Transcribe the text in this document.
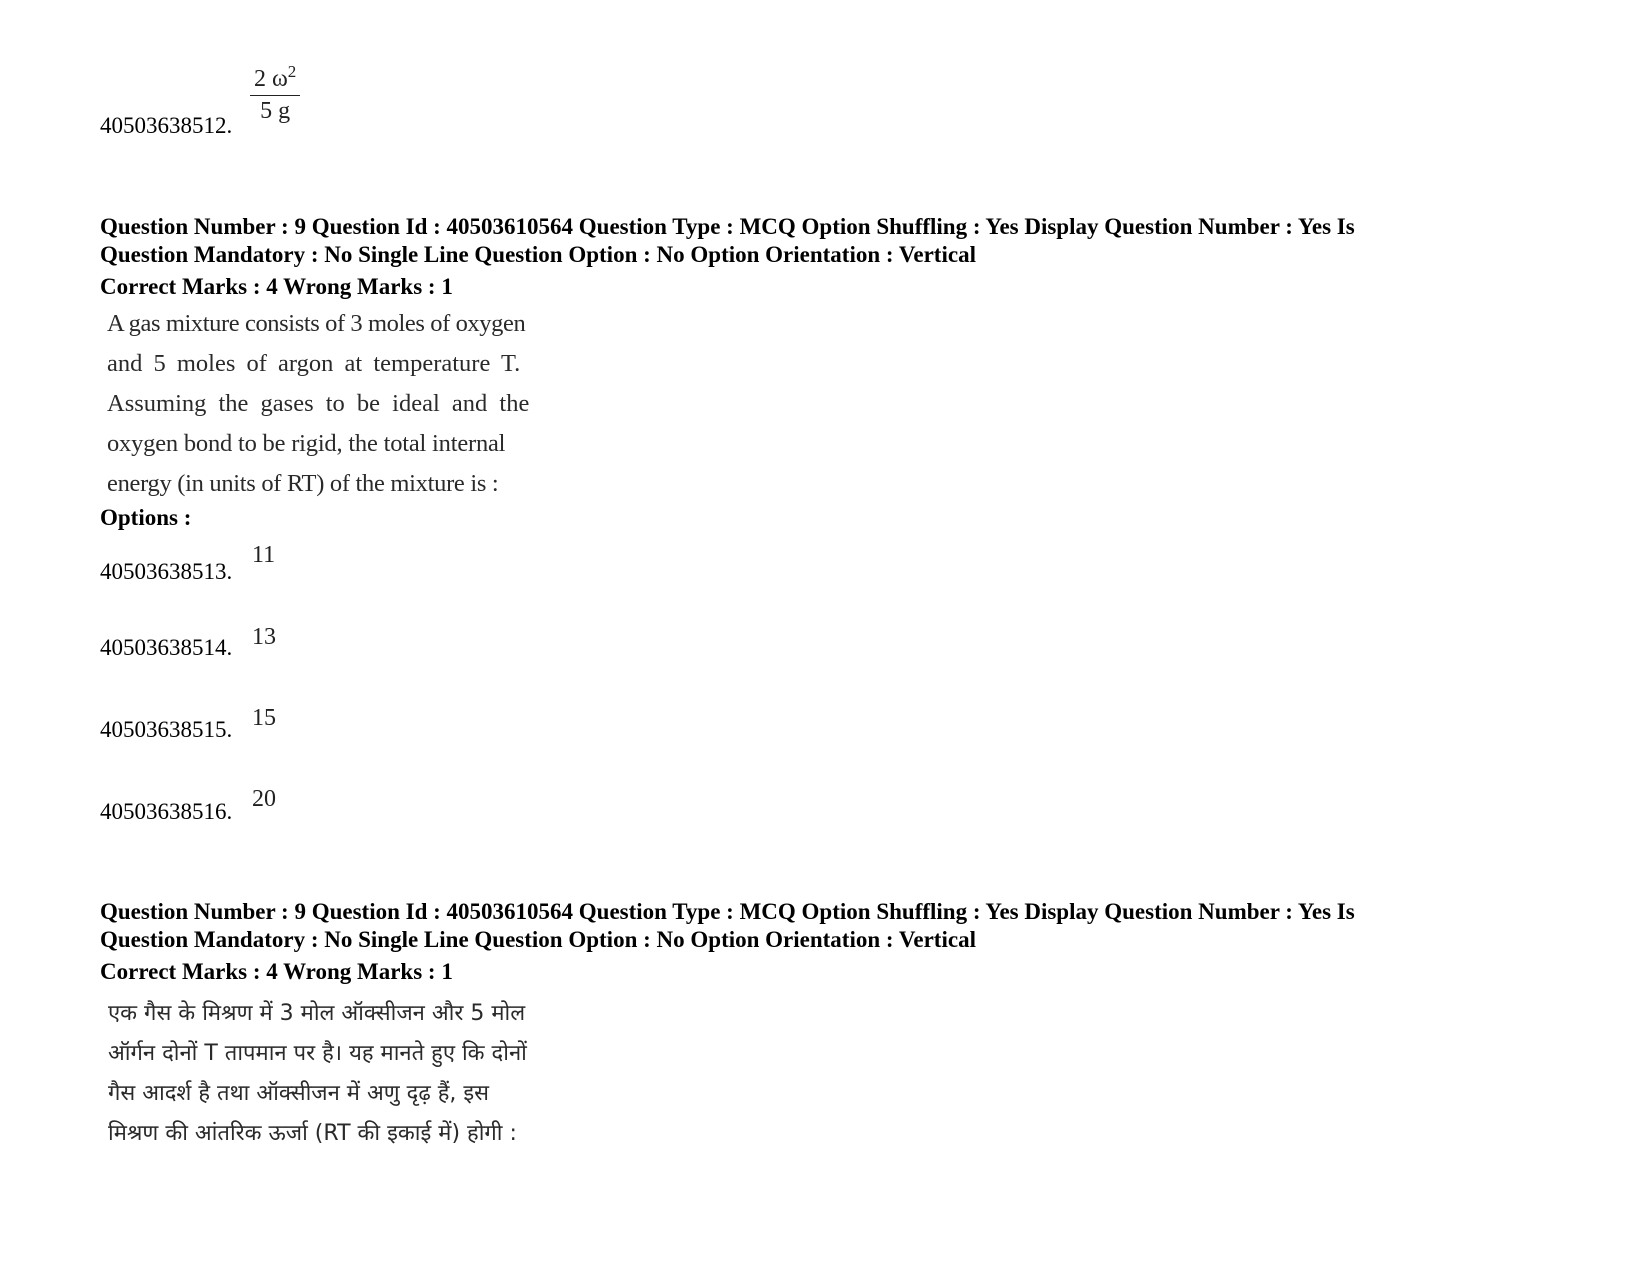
40503638512.
$\frac{2 \omega^2}{5 g}$
Question Number : 9 Question Id : 40503610564 Question Type : MCQ Option Shuffling : Yes Display Question Number : Yes Is
Question Mandatory : No Single Line Question Option : No Option Orientation : Vertical
Correct Marks : 4 Wrong Marks : 1
A gas mixture consists of 3 moles of oxygen
and 5 moles of argon at temperature T.
Assuming the gases to be ideal and the
oxygen bond to be rigid, the total internal
energy (in units of RT) of the mixture is :
Options :
40503638513.
11
40503638514. 13
40503638515. 15
40503638516. 20
Question Number : 9 Question Id : 40503610564 Question Type : MCQ Option Shuffling : Yes Display Question Number : Yes Is
Question Mandatory : No Single Line Question Option : No Option Orientation : Vertical
Correct Marks : 4 Wrong Marks : 1
एक गैस के मिश्रण में 3 मोल ऑक्सीजन और 5 मोल
ऑर्गन दोनों T तापमान पर है। यह मानते हुए कि दोनों
गैस आदर्श है तथा ऑक्सीजन में अणु दृढ़ हैं, इस
मिश्रण की आंतरिक ऊर्जा (RT की इकाई में) होगी :
